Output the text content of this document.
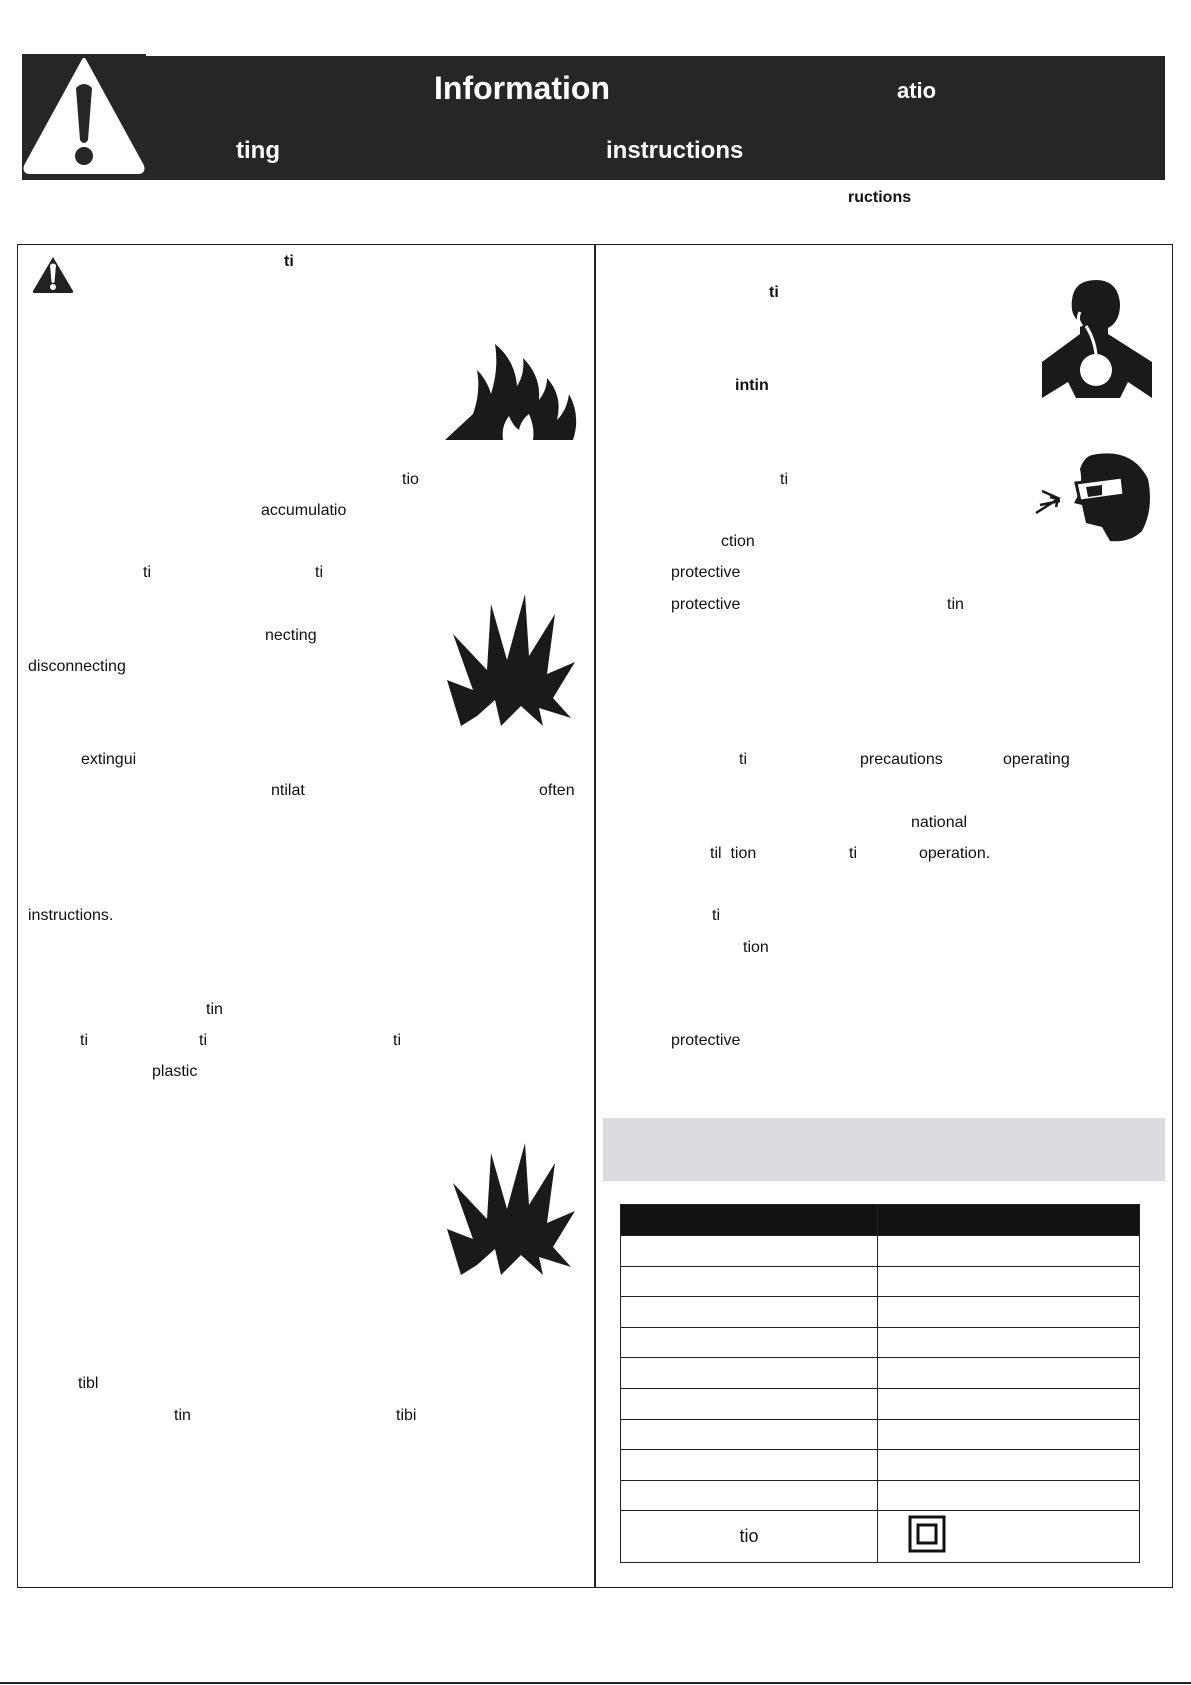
Information	atio
ting	instructions
ructions
ti
tio
accumulatio
ti	ti
necting
disconnecting
extingui
ntilat	often
instructions.
tin
ti	ti	ti
plastic
tibl
tin	tibi
ti
intin
ti
ction
protective
protective	tin
ti	precautions	operating
national
til  tion	ti	operation.
ti
tion
protective

tio	
